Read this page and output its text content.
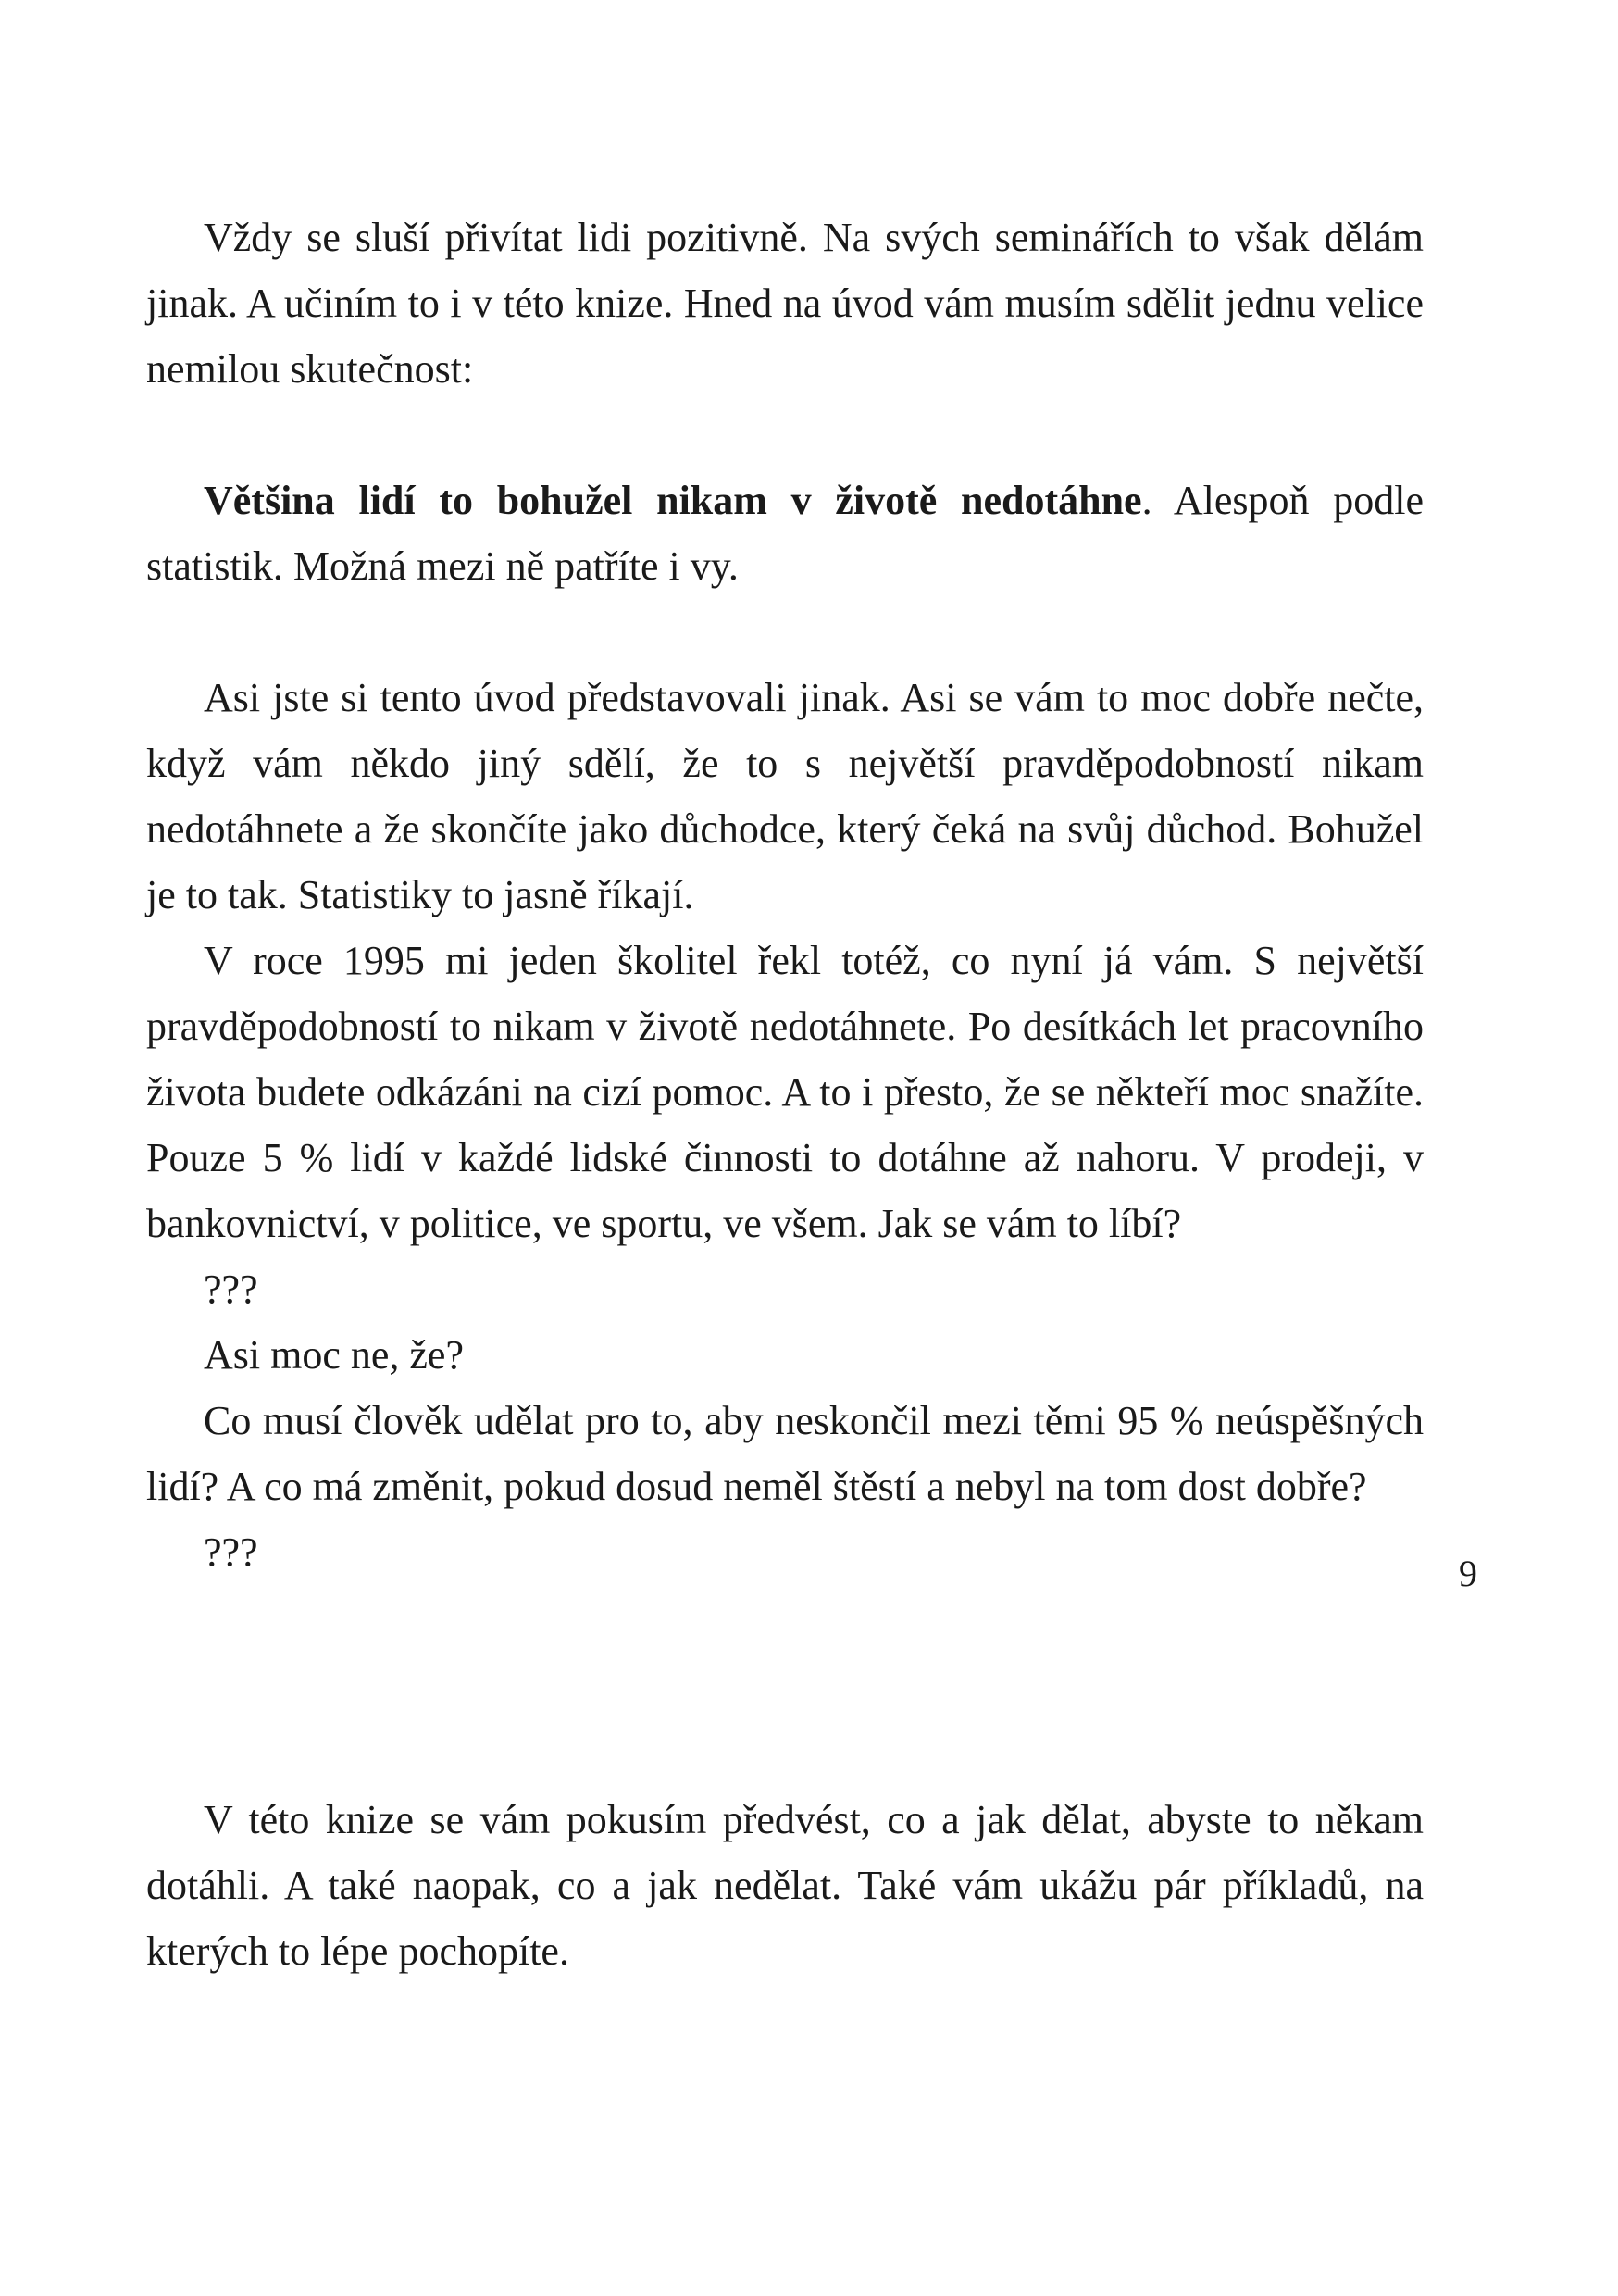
Vždy se sluší přivítat lidi pozitivně. Na svých seminářích to však dělám jinak. A učiním to i v této knize. Hned na úvod vám musím sdělit jednu velice nemilou skutečnost:

Většina lidí to bohužel nikam v životě nedotáhne. Alespoň podle statistik. Možná mezi ně patříte i vy.

Asi jste si tento úvod představovali jinak. Asi se vám to moc dobře nečte, když vám někdo jiný sdělí, že to s největší pravděpodobností nikam nedotáhnete a že skončíte jako důchodce, který čeká na svůj důchod. Bohužel je to tak. Statistiky to jasně říkají.

V roce 1995 mi jeden školitel řekl totéž, co nyní já vám. S největší pravděpodobností to nikam v životě nedotáhnete. Po desítkách let pracovního života budete odkázáni na cizí pomoc. A to i přesto, že se někteří moc snažíte. Pouze 5 % lidí v každé lidské činnosti to dotáhne až nahoru. V prodeji, v bankovnictví, v politice, ve sportu, ve všem. Jak se vám to líbí?

???

Asi moc ne, že?

Co musí člověk udělat pro to, aby neskončil mezi těmi 95 % neúspěšných lidí? A co má změnit, pokud dosud neměl štěstí a nebyl na tom dost dobře?

???

V této knize se vám pokusím předvést, co a jak dělat, abyste to někam dotáhli. A také naopak, co a jak nedělat. Také vám ukážu pár příkladů, na kterých to lépe pochopíte.

9
